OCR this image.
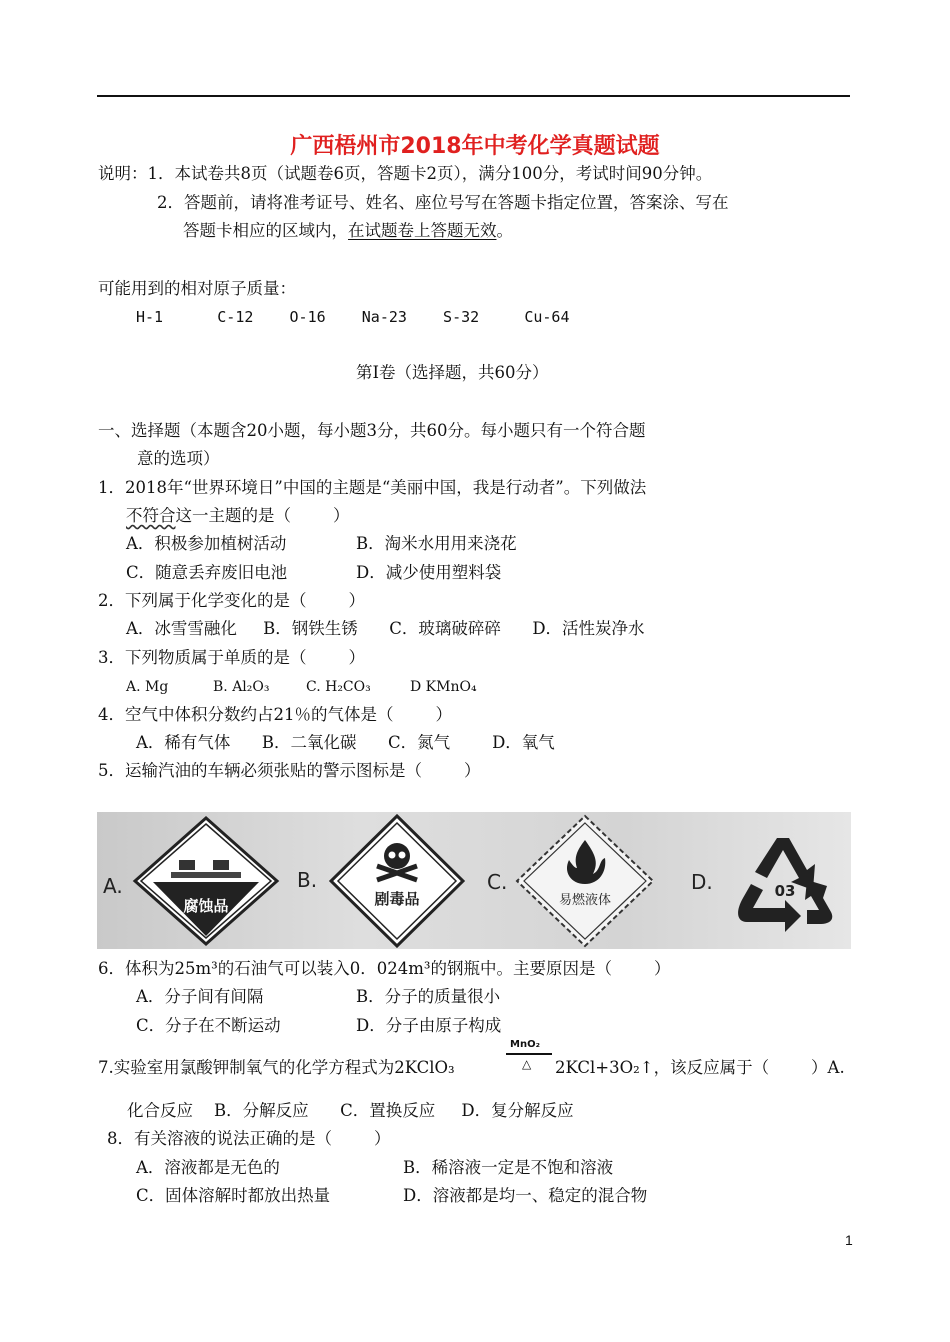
广西梧州市2018年中考化学真题试题
说明：1．本试卷共8页（试题卷6页，答题卡2页），满分100分，考试时间90分钟。
2．答题前，请将准考证号、姓名、座位号写在答题卡指定位置，答案涂、写在
答题卡相应的区域内，在试题卷上答题无效。
可能用到的相对原子质量：
H-1      C-12    O-16    Na-23    S-32     Cu-64
第Ⅰ卷（选择题，共60分）
一、选择题（本题含20小题，每小题3分，共60分。每小题只有一个符合题
意的选项）
1．2018年“世界环境日”中国的主题是“美丽中国，我是行动者”。下列做法
不符合这一主题的是（        ）
A．积极参加植树活动	B．淘米水用用来浇花
C．随意丢弃废旧电池	D．减少使用塑料袋
2．下列属于化学变化的是（        ）
A．冰雪雪融化     B．钢铁生锈      C．玻璃破碎碎      D．活性炭净水
3．下列物质属于单质的是（        ）
A. Mg	B. Al₂O₃	C. H₂CO₃	D KMnO₄
4．空气中体积分数约占21％的气体是（        ）
A．稀有气体      B．二氧化碳      C．氮气        D．氧气
5．运输汽油的车辆必须张贴的警示图标是（        ）
A.	B.	C.	D.
腐蚀品	剧毒品	易燃液体
03
6．体积为25m³的石油气可以装入0．024m³的钢瓶中。主要原因是（        ）
A．分子间有间隔	B．分子的质量很小
C．分子在不断运动	D．分子由原子构成
7.实验室用氯酸钾制氧气的化学方程式为2KClO₃
MnO₂
△ 2KCl+3O₂↑，该反应属于（        ）A.
化合反应    B．分解反应      C．置换反应     D．复分解反应
8．有关溶液的说法正确的是（        ）
A．溶液都是无色的	B．稀溶液一定是不饱和溶液
C．固体溶解时都放出热量	D．溶液都是均一、稳定的混合物
1
